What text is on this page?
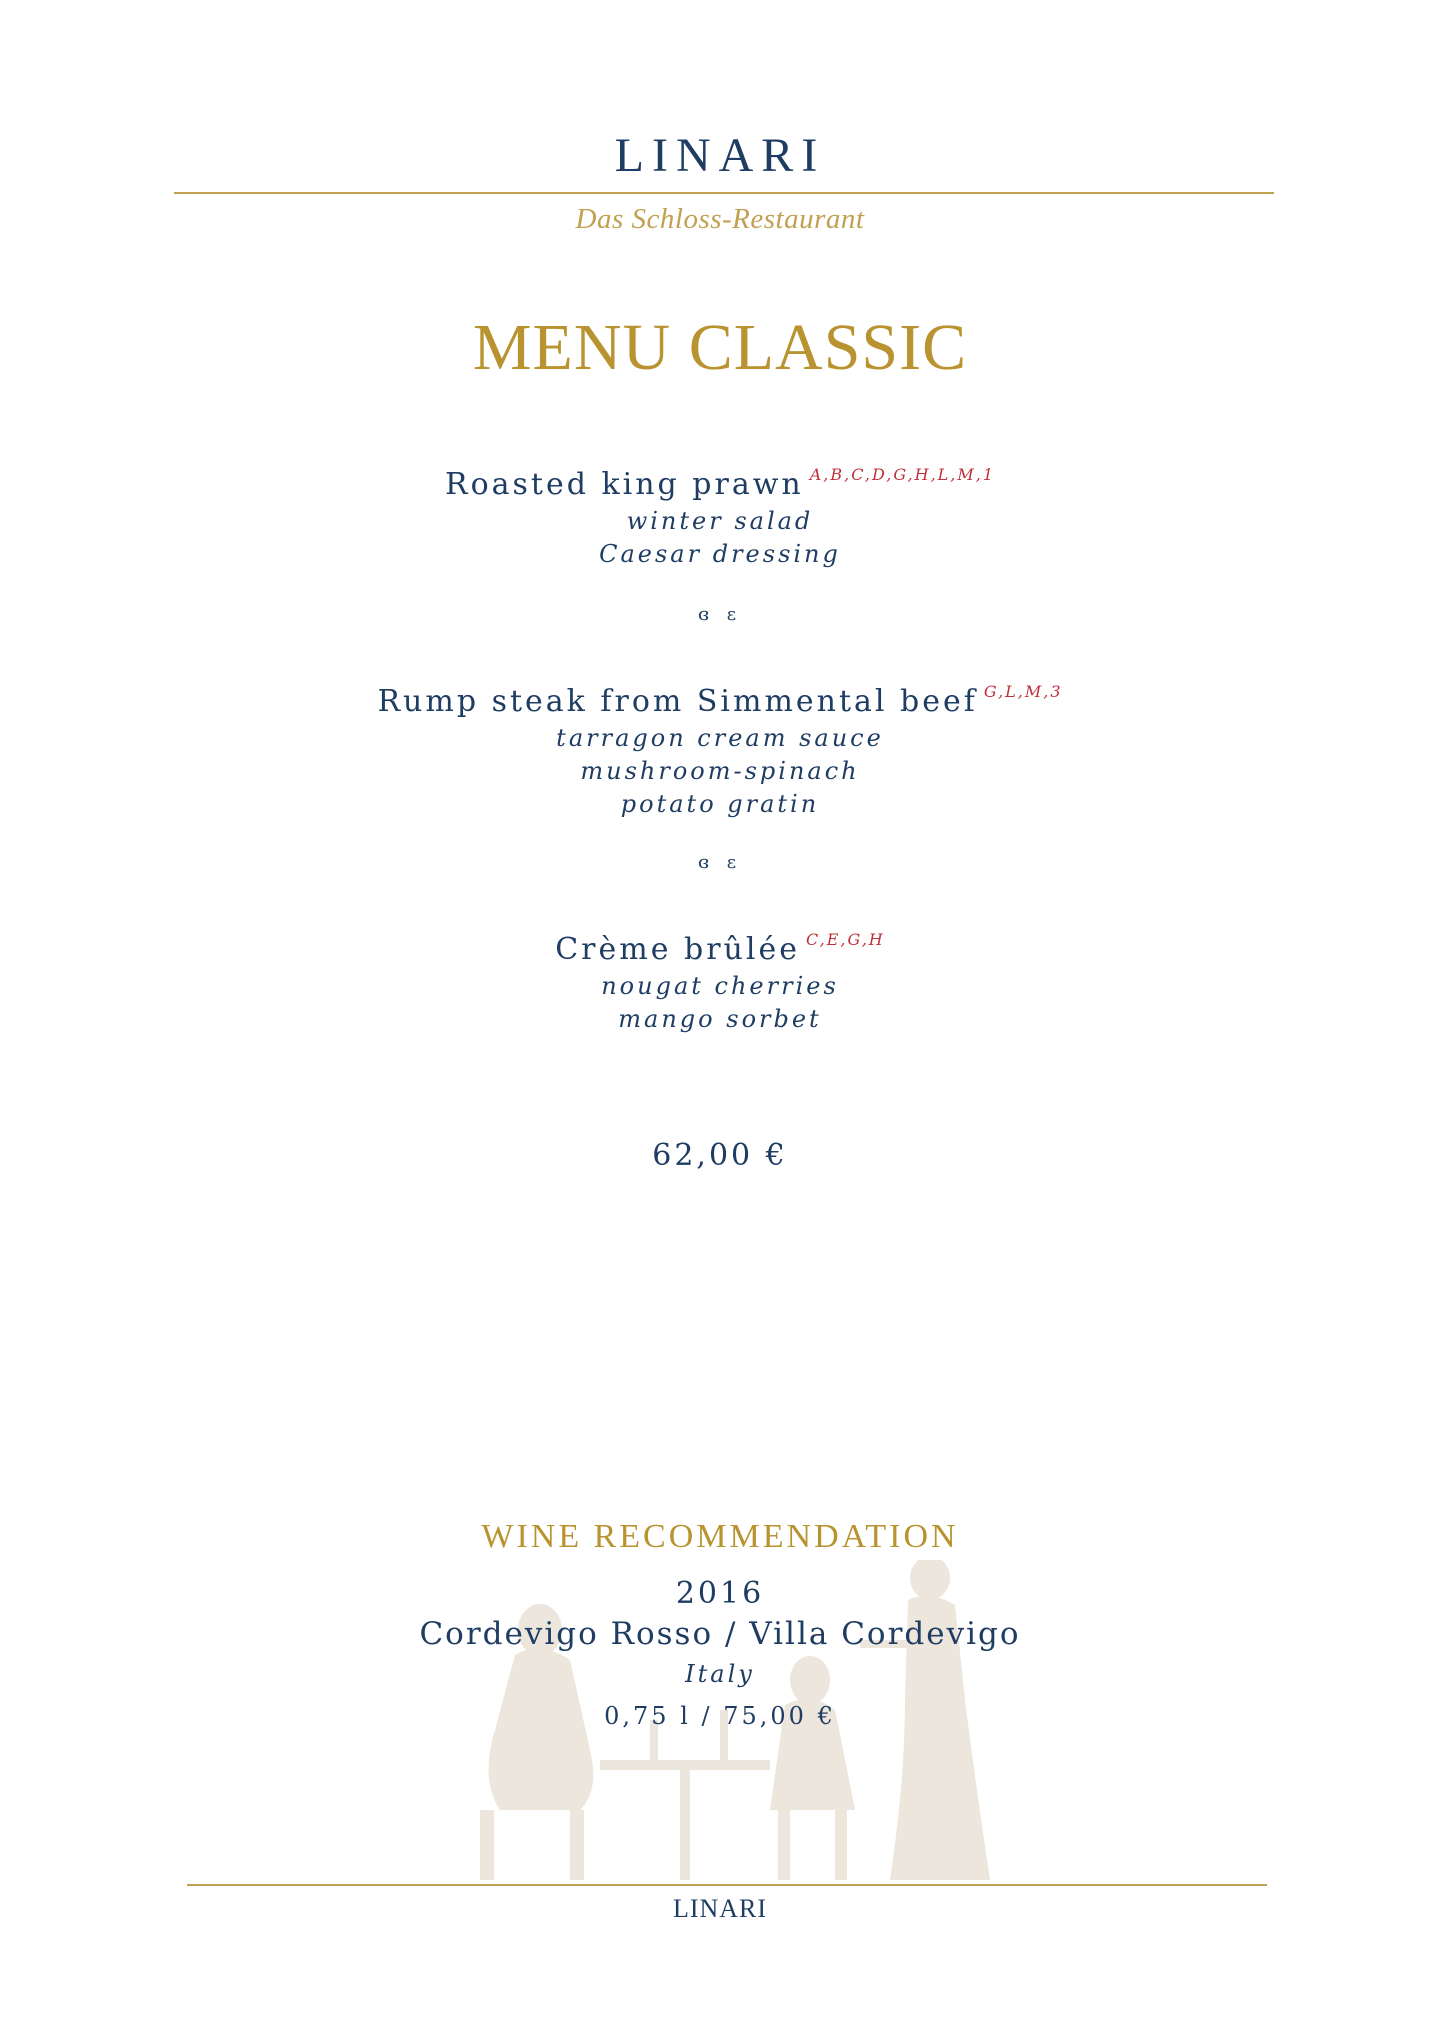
LINARI
Das Schloss-Restaurant
MENU CLASSIC
Roasted king prawn $^{A,B,C,D,G,H,L,M,1}$
winter salad
Caesar dressing
ɞ ɛ
Rump steak from Simmental beef $^{G,L,M,3}$
tarragon cream sauce
mushroom-spinach
potato gratin
ɞ ɛ
Crème brûlée $^{C,E,G,H}$
nougat cherries
mango sorbet
62,00 €
WINE RECOMMENDATION
2016
Cordevigo Rosso / Villa Cordevigo
Italy
0,75 l / 75,00 €
LINARI
